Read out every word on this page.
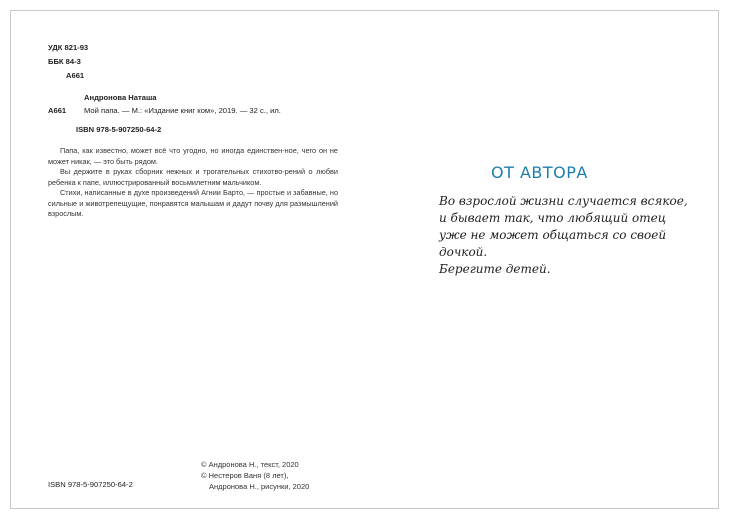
УДК 821-93
ББК 84-3
А661
Андронова Наташа
А661 Мой папа. — М.: «Издание книг ком», 2019. — 32 с., ил.
ISBN 978-5-907250-64-2

Папа, как известно, может всё что угодно, но иногда единствен-ное, чего он не может никак, — это быть рядом.

Вы держите в руках сборник нежных и трогательных стихотво-рений о любви ребенка к папе, иллюстрированный восьмилетним мальчиком.

Стихи, написанные в духе произведений Агнии Барто, — простые и забавные, но сильные и животрепещущие, понравятся малышам и дадут почву для размышлений взрослым.

ISBN 978-5-907250-64-2
© Андронова Н., текст, 2020
© Нестеров Ваня (8 лет),
Андронова Н., рисунки, 2020
ОТ АВТОРА

Во взрослой жизни случается всякое,

и бывает так, что любящий отец

уже не может общаться со своей

дочкой.

Берегите детей.
